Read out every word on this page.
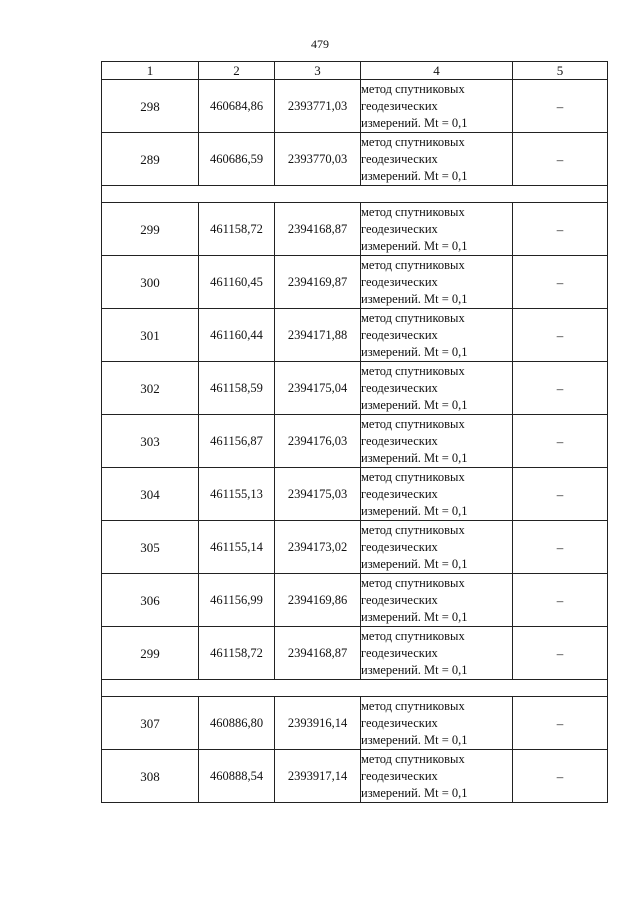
479
1	2	3	4	5
298	460684,86	2393771,03	метод спутниковых
геодезических
измерений. Mt = 0,1	–
289	460686,59	2393770,03	метод спутниковых
геодезических
измерений. Mt = 0,1	–

299	461158,72	2394168,87	метод спутниковых
геодезических
измерений. Mt = 0,1	–
300	461160,45	2394169,87	метод спутниковых
геодезических
измерений. Mt = 0,1	–
301	461160,44	2394171,88	метод спутниковых
геодезических
измерений. Mt = 0,1	–
302	461158,59	2394175,04	метод спутниковых
геодезических
измерений. Mt = 0,1	–
303	461156,87	2394176,03	метод спутниковых
геодезических
измерений. Mt = 0,1	–
304	461155,13	2394175,03	метод спутниковых
геодезических
измерений. Mt = 0,1	–
305	461155,14	2394173,02	метод спутниковых
геодезических
измерений. Mt = 0,1	–
306	461156,99	2394169,86	метод спутниковых
геодезических
измерений. Mt = 0,1	–
299	461158,72	2394168,87	метод спутниковых
геодезических
измерений. Mt = 0,1	–

307	460886,80	2393916,14	метод спутниковых
геодезических
измерений. Mt = 0,1	–
308	460888,54	2393917,14	метод спутниковых
геодезических
измерений. Mt = 0,1	–
